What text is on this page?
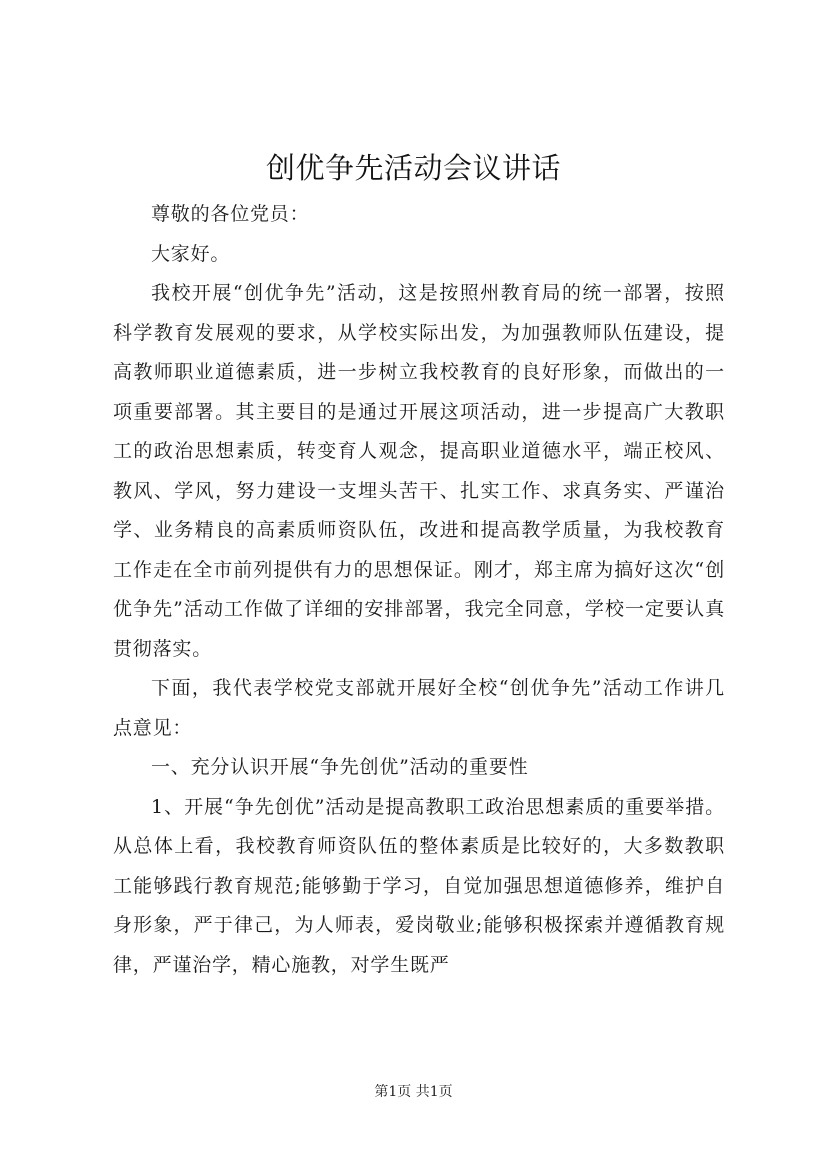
创优争先活动会议讲话

尊敬的各位党员：

大家好。

我校开展“创优争先”活动，这是按照州教育局的统一部署，按照科学教育发展观的要求，从学校实际出发，为加强教师队伍建设，提高教师职业道德素质，进一步树立我校教育的良好形象，而做出的一项重要部署。其主要目的是通过开展这项活动，进一步提高广大教职工的政治思想素质，转变育人观念，提高职业道德水平，端正校风、教风、学风，努力建设一支埋头苦干、扎实工作、求真务实、严谨治学、业务精良的高素质师资队伍，改进和提高教学质量，为我校教育工作走在全市前列提供有力的思想保证。刚才，郑主席为搞好这次“创优争先”活动工作做了详细的安排部署，我完全同意，学校一定要认真贯彻落实。

下面，我代表学校党支部就开展好全校“创优争先”活动工作讲几点意见：

一、充分认识开展“争先创优”活动的重要性

1、开展“争先创优”活动是提高教职工政治思想素质的重要举措。从总体上看，我校教育师资队伍的整体素质是比较好的，大多数教职工能够践行教育规范;能够勤于学习，自觉加强思想道德修养，维护自身形象，严于律己，为人师表，爱岗敬业;能够积极探索并遵循教育规律，严谨治学，精心施教，对学生既严

第1页 共1页
